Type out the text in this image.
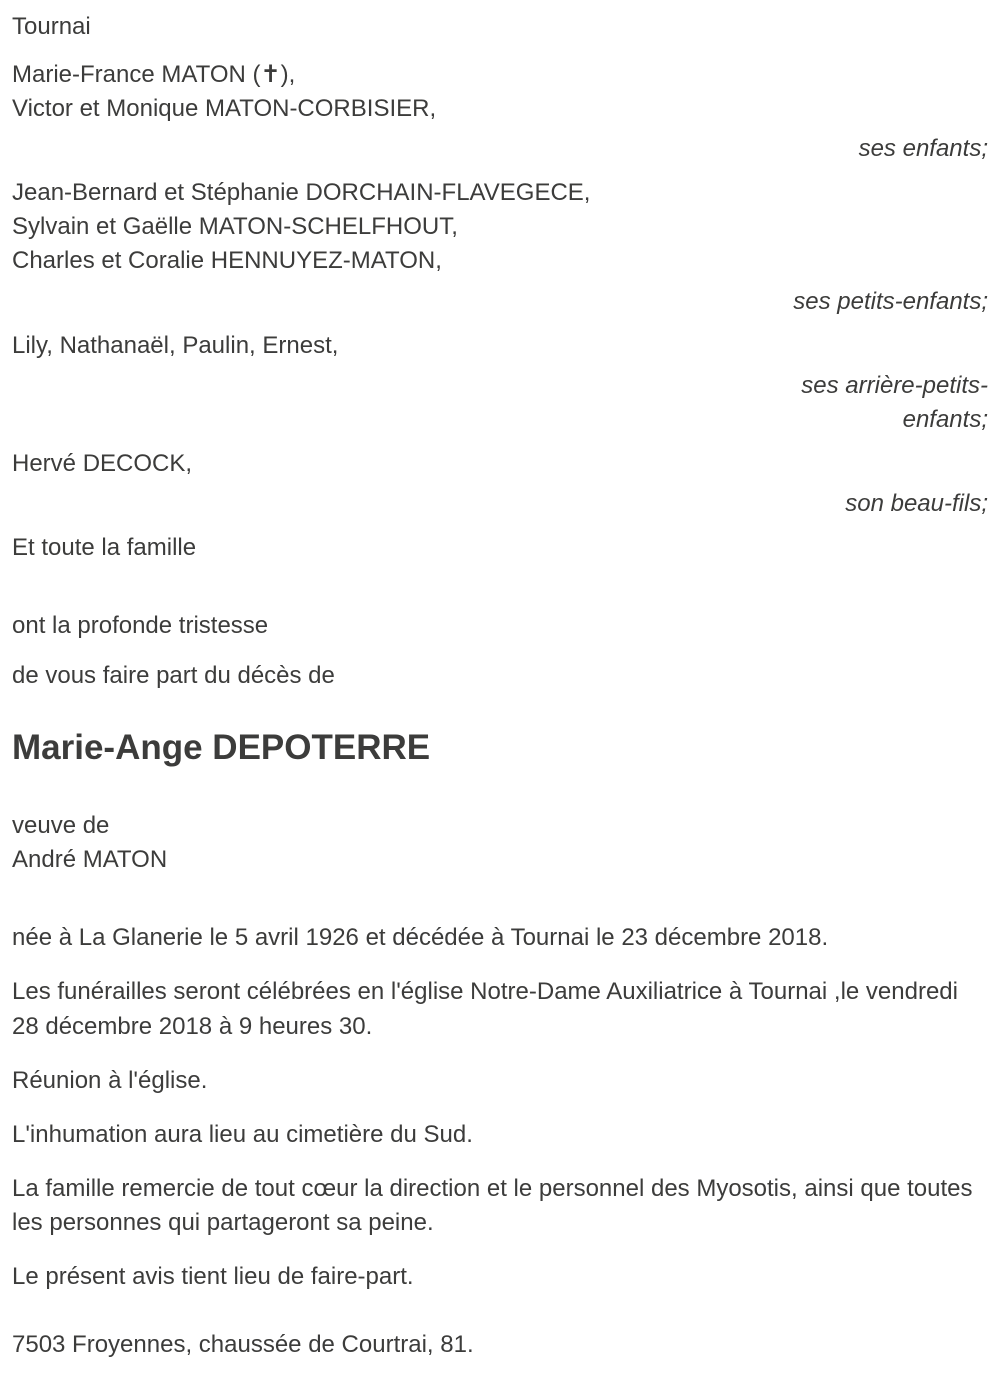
Tournai

Marie-France MATON (✝),

Victor et Monique MATON-CORBISIER,

ses enfants;

Jean-Bernard et Stéphanie DORCHAIN-FLAVEGECE,

Sylvain et Gaëlle MATON-SCHELFHOUT,

Charles et Coralie HENNUYEZ-MATON,

ses petits-enfants;

Lily, Nathanaël, Paulin, Ernest,

ses arrière-petits-enfants;

Hervé DECOCK,

son beau-fils;

Et toute la famille

ont la profonde tristesse

de vous faire part du décès de

Marie-Ange DEPOTERRE

veuve de

André MATON

née à La Glanerie le 5 avril 1926 et décédée à Tournai le 23 décembre 2018.

Les funérailles seront célébrées en l'église Notre-Dame Auxiliatrice à Tournai ,le vendredi 28 décembre 2018 à 9 heures 30.

Réunion à l'église.

L'inhumation aura lieu au cimetière du Sud.

La famille remercie de tout cœur la direction et le personnel des Myosotis, ainsi que toutes les personnes qui partageront sa peine.

Le présent avis tient lieu de faire-part.

7503 Froyennes, chaussée de Courtrai, 81.
